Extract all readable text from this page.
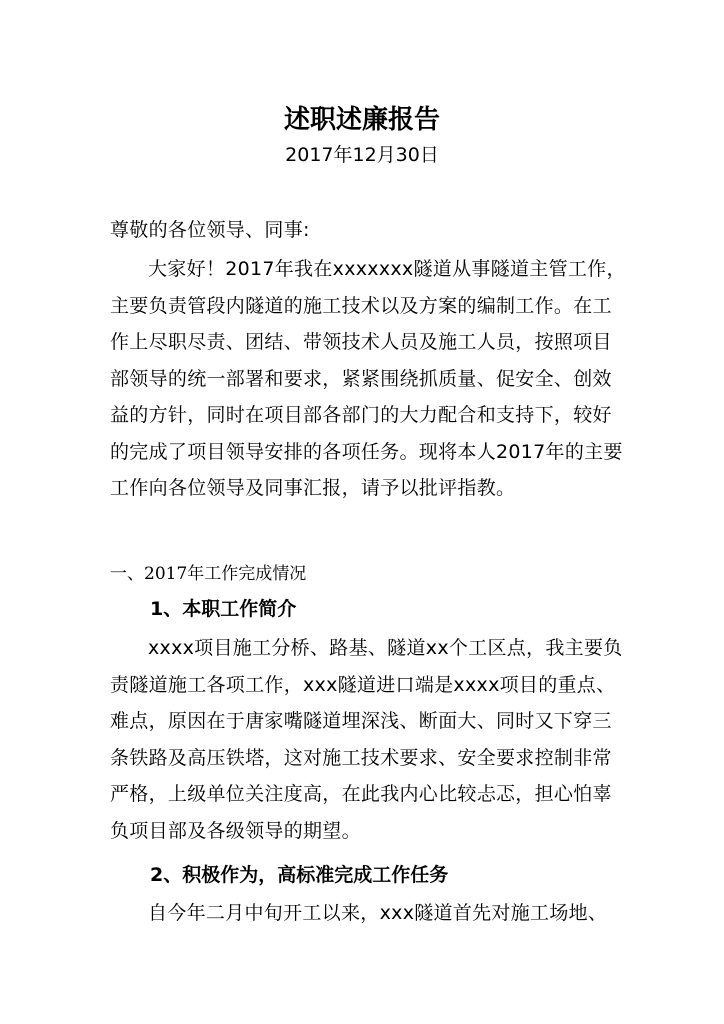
述职述廉报告
2017年12月30日
尊敬的各位领导、同事:
大家好！2017年我在xxxxxxx隧道从事隧道主管工作，主要负责管段内隧道的施工技术以及方案的编制工作。在工作上尽职尽责、团结、带领技术人员及施工人员，按照项目部领导的统一部署和要求，紧紧围绕抓质量、促安全、创效益的方针，同时在项目部各部门的大力配合和支持下，较好的完成了项目领导安排的各项任务。现将本人2017年的主要工作向各位领导及同事汇报，请予以批评指教。
一、2017年工作完成情况
1、本职工作简介
xxxx项目施工分桥、路基、隧道xx个工区点，我主要负责隧道施工各项工作，xxx隧道进口端是xxxx项目的重点、难点，原因在于唐家嘴隧道埋深浅、断面大、同时又下穿三条铁路及高压铁塔，这对施工技术要求、安全要求控制非常严格，上级单位关注度高，在此我内心比较忐忑，担心怕辜负项目部及各级领导的期望。
2、积极作为，高标准完成工作任务
自今年二月中旬开工以来，xxx隧道首先对施工场地、
